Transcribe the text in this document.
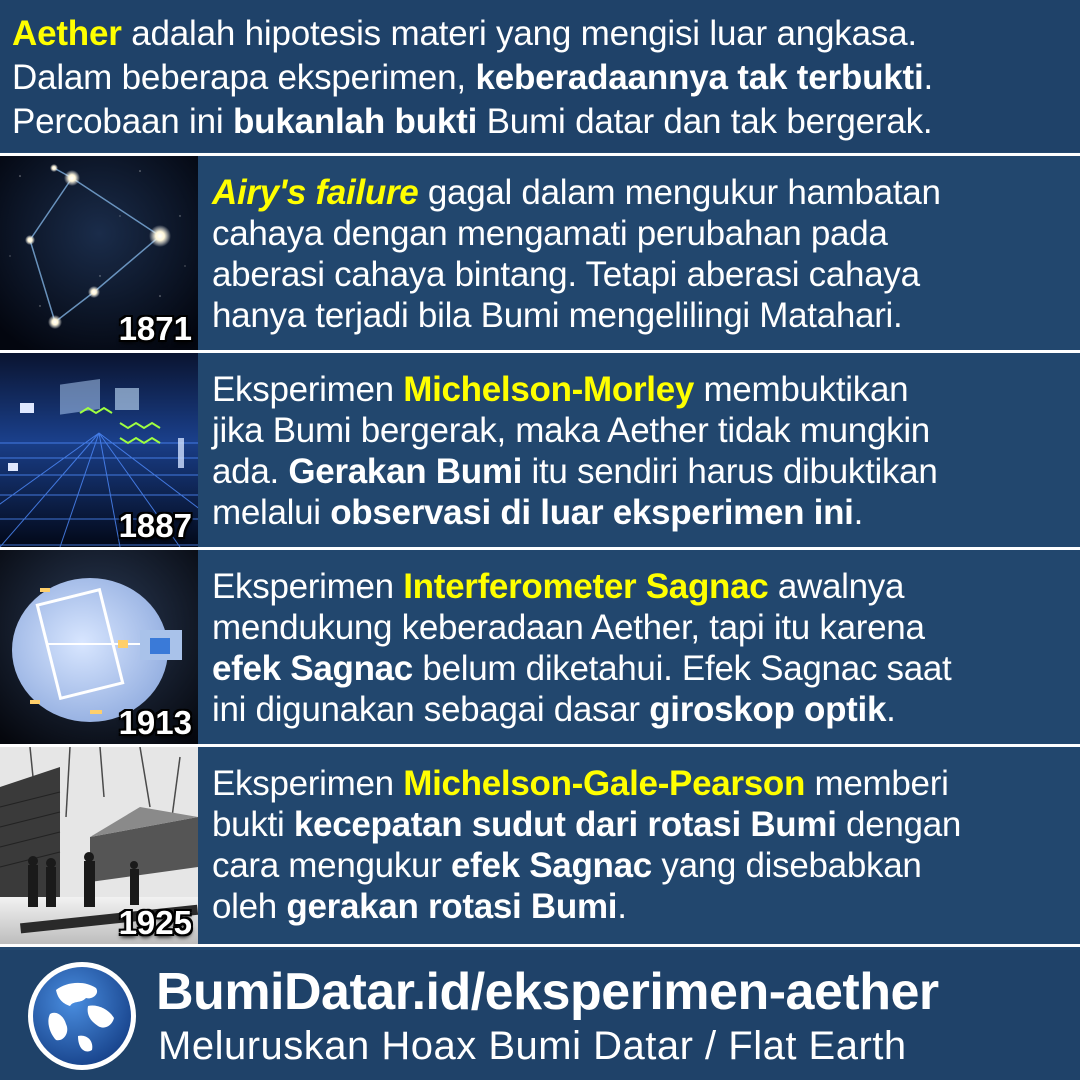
Aether adalah hipotesis materi yang mengisi luar angkasa.

Dalam beberapa eksperimen, keberadaannya tak terbukti.

Percobaan ini bukanlah bukti Bumi datar dan tak bergerak.

1871

Airy's failure gagal dalam mengukur hambatan

cahaya dengan mengamati perubahan pada

aberasi cahaya bintang. Tetapi aberasi cahaya

hanya terjadi bila Bumi mengelilingi Matahari.

1887

Eksperimen Michelson-Morley membuktikan

jika Bumi bergerak, maka Aether tidak mungkin

ada. Gerakan Bumi itu sendiri harus dibuktikan

melalui observasi di luar eksperimen ini.

1913

Eksperimen Interferometer Sagnac awalnya

mendukung keberadaan Aether, tapi itu karena

efek Sagnac belum diketahui. Efek Sagnac saat

ini digunakan sebagai dasar giroskop optik.

1925

Eksperimen Michelson-Gale-Pearson memberi

bukti kecepatan sudut dari rotasi Bumi dengan

cara mengukur efek Sagnac yang disebabkan

oleh gerakan rotasi Bumi.

BumiDatar.id/eksperimen-aether
Meluruskan Hoax Bumi Datar / Flat Earth
